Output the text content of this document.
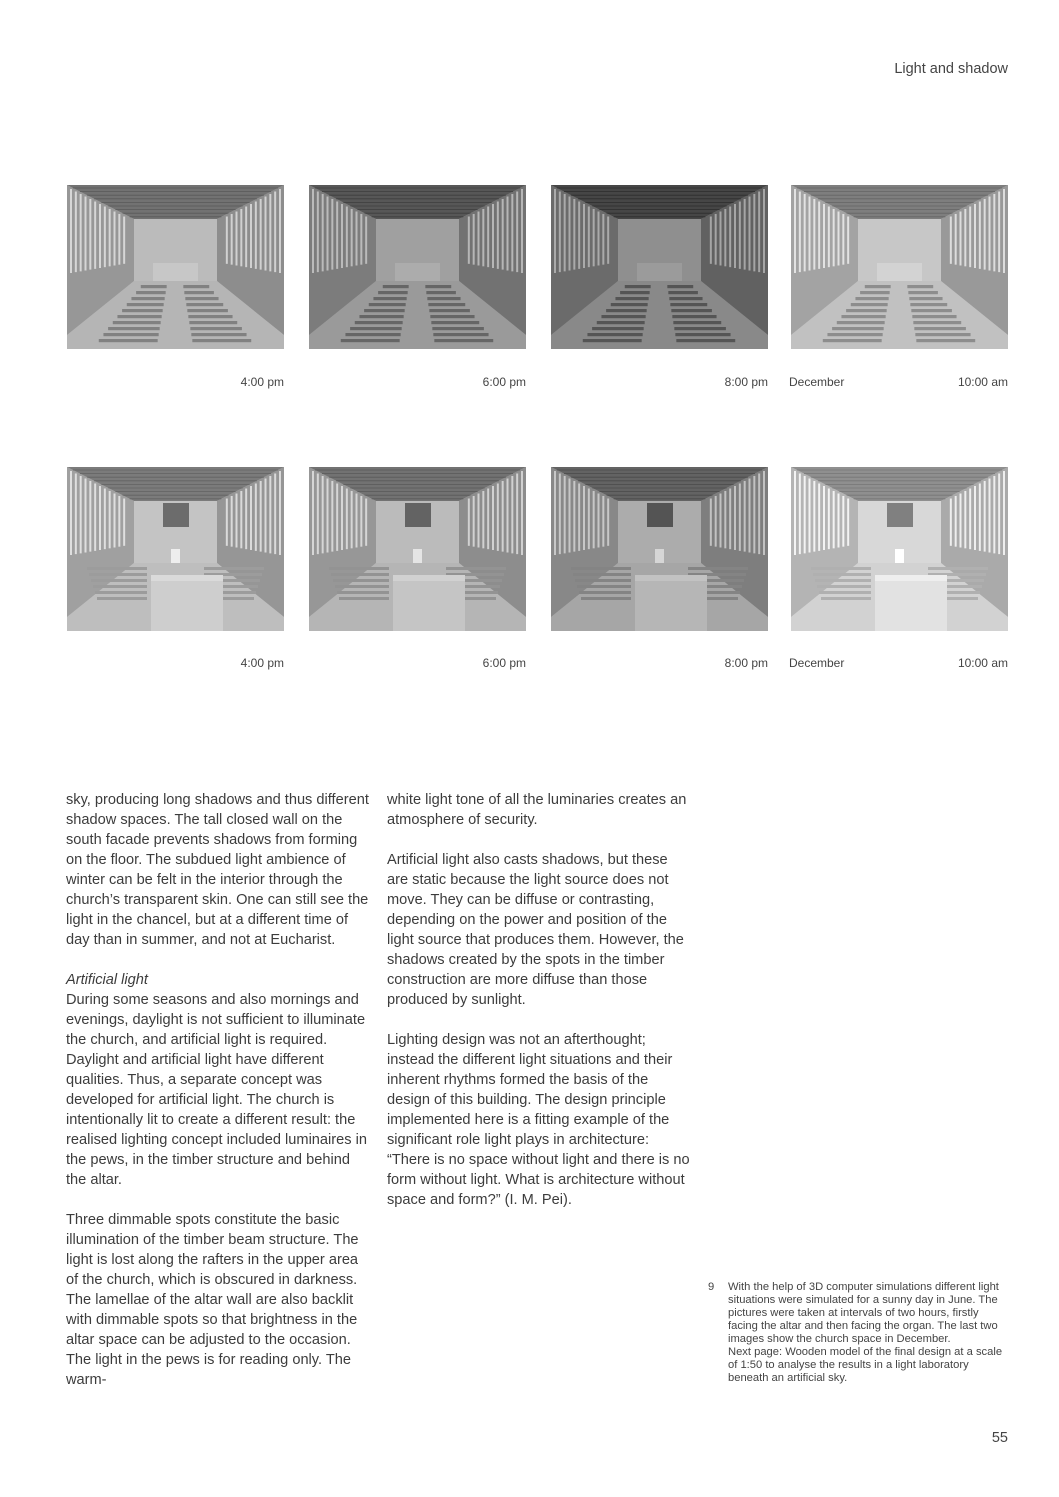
Light and shadow
4:00 pm	6:00 pm	8:00 pm December	10:00 am
4:00 pm	6:00 pm	8:00 pm December	10:00 am

sky, producing long shadows and thus different shadow spaces. The tall closed wall on the south facade prevents shadows from forming on the floor. The subdued light ambience of winter can be felt in the interior through the church’s transparent skin. One can still see the light in the chancel, but at a different time of day than in summer, and not at Eucharist.

Artificial light
During some seasons and also mornings and evenings, daylight is not sufficient to illuminate the church, and artificial light is required. Daylight and artificial light have different qualities. Thus, a separate concept was developed for artificial light. The church is intentionally lit to create a different result: the realised lighting concept included luminaires in the pews, in the timber structure and behind the altar.

Three dimmable spots constitute the basic illumination of the timber beam structure. The light is lost along the rafters in the upper area of the church, which is obscured in darkness. The lamellae of the altar wall are also backlit with dimmable spots so that brightness in the altar space can be adjusted to the occasion. The light in the pews is for reading only. The warm-

white light tone of all the luminaries creates an atmosphere of security.

Artificial light also casts shadows, but these are static because the light source does not move. They can be diffuse or contrasting, depending on the power and position of the light source that produces them. However, the shadows created by the spots in the timber construction are more diffuse than those produced by sunlight.

Lighting design was not an afterthought; instead the different light situations and their inherent rhythms formed the basis of the design of this building. The design principle implemented here is a fitting example of the significant role light plays in architecture: “There is no space without light and there is no form without light. What is architecture without space and form?” (I. M. Pei).

9 With the help of 3D computer simulations different light situations were simulated for a sunny day in June. The pictures were taken at intervals of two hours, firstly facing the altar and then facing the organ. The last two images show the church space in December.
Next page: Wooden model of the final design at a scale of 1:50 to analyse the results in a light laboratory beneath an artificial sky.
55
